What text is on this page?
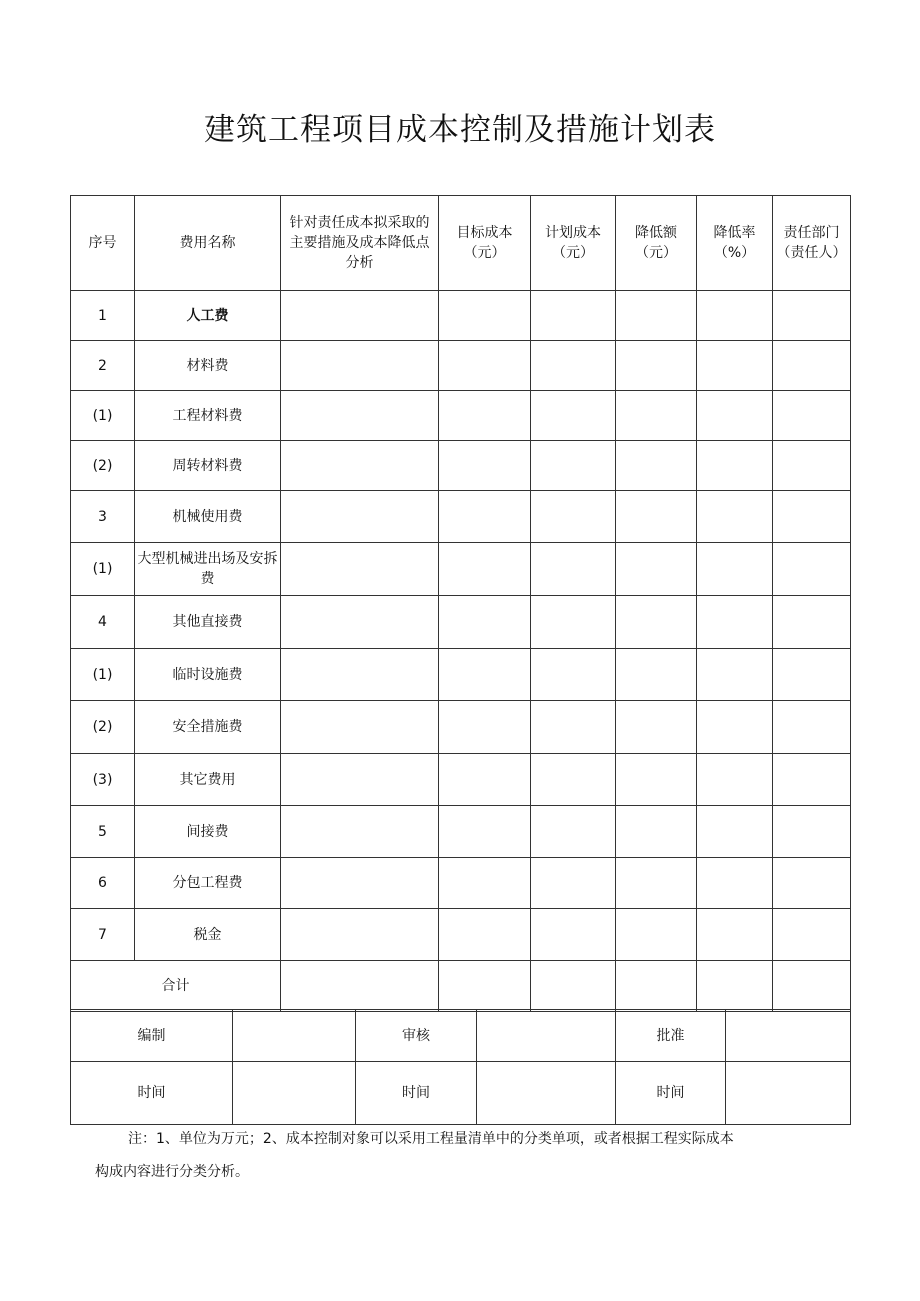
建筑工程项目成本控制及措施计划表
序号	费用名称	针对责任成本拟采取的主要措施及成本降低点分析	目标成本（元）	计划成本（元）	降低额（元）	降低率（%）	责任部门（责任人）
1	人工费						
2	材料费						
(1)	工程材料费						
(2)	周转材料费						
3	机械使用费						
(1)	大型机械进出场及安拆费						
4	其他直接费						
(1)	临时设施费						
(2)	安全措施费						
(3)	其它费用						
5	间接费						
6	分包工程费						
7	税金						
合计							
编制		审核		批准	
时间		时间		时间	
注：1、单位为万元；2、成本控制对象可以采用工程量清单中的分类单项，或者根据工程实际成本
构成内容进行分类分析。
